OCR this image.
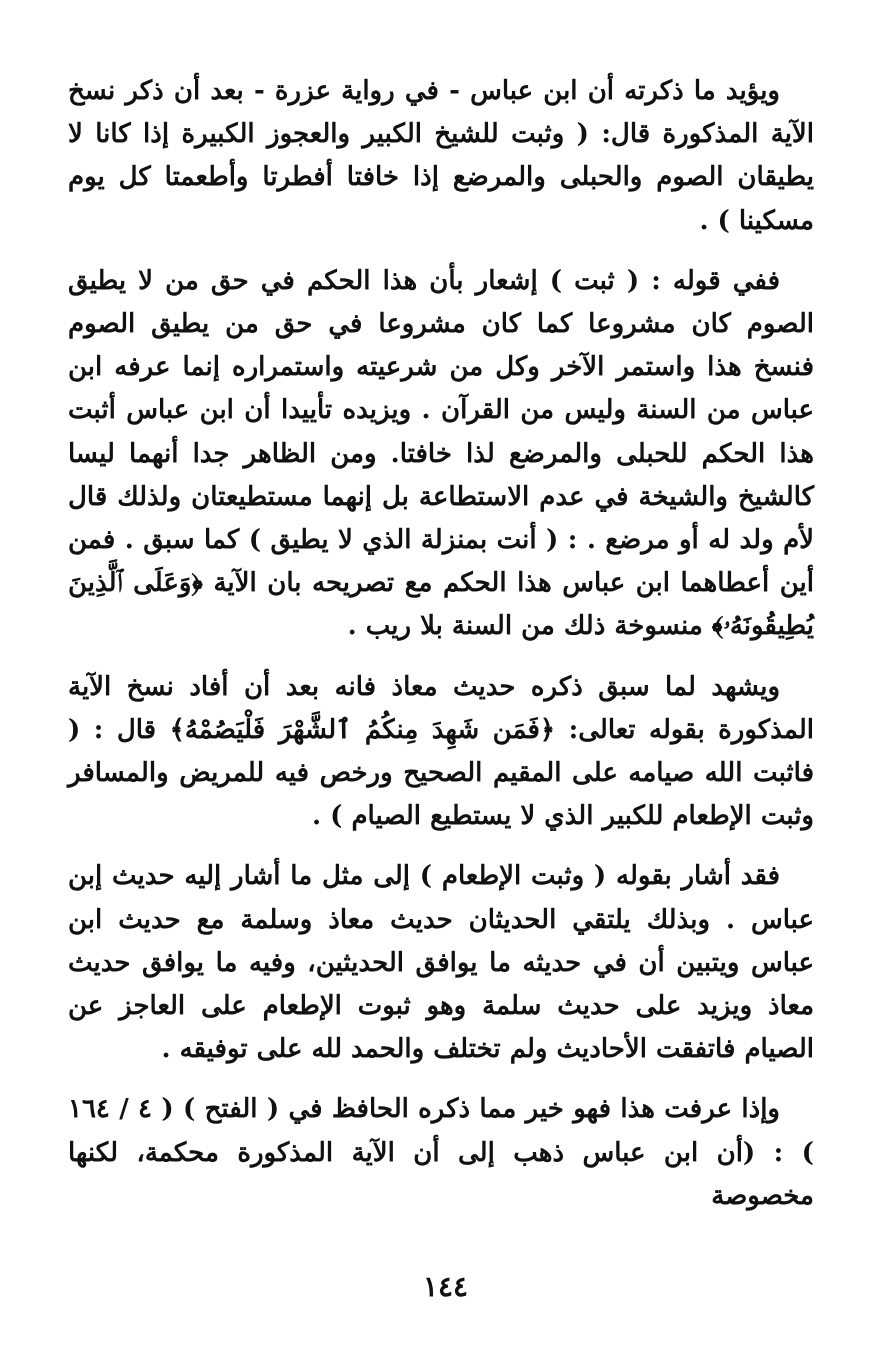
ويؤيد ما ذكرته أن ابن عباس - في رواية عزرة - بعد أن ذكر نسخ الآية المذكورة قال: ( وثبت للشيخ الكبير والعجوز الكبيرة إذا كانا لا يطيقان الصوم والحبلى والمرضع إذا خافتا أفطرتا وأطعمتا كل يوم مسكينا ) .

ففي قوله : ( ثبت ) إشعار بأن هذا الحكم في حق من لا يطيق الصوم كان مشروعا كما كان مشروعا في حق من يطيق الصوم فنسخ هذا واستمر الآخر وكل من شرعيته واستمراره إنما عرفه ابن عباس من السنة وليس من القرآن . ويزيده تأييدا أن ابن عباس أثبت هذا الحكم للحبلى والمرضع لذا خافتا. ومن الظاهر جدا أنهما ليسا كالشيخ والشيخة في عدم الاستطاعة بل إنهما مستطيعتان ولذلك قال لأم ولد له أو مرضع . : ( أنت بمنزلة الذي لا يطيق ) كما سبق . فمن أين أعطاهما ابن عباس هذا الحكم مع تصريحه بان الآية ﴿وَعَلَى ٱلَّذِينَ يُطِيقُونَهُۥ﴾ منسوخة ذلك من السنة بلا ريب .

ويشهد لما سبق ذكره حديث معاذ فانه بعد أن أفاد نسخ الآية المذكورة بقوله تعالى: ﴿فَمَن شَهِدَ مِنكُمُ ٱلشَّهْرَ فَلْيَصُمْهُ﴾ قال : ( فاثبت الله صيامه على المقيم الصحيح ورخص فيه للمريض والمسافر وثبت الإطعام للكبير الذي لا يستطيع الصيام ) .

فقد أشار بقوله ( وثبت الإطعام ) إلى مثل ما أشار إليه حديث إبن عباس . وبذلك يلتقي الحديثان حديث معاذ وسلمة مع حديث ابن عباس ويتبين أن في حديثه ما يوافق الحديثين، وفيه ما يوافق حديث معاذ ويزيد على حديث سلمة وهو ثبوت الإطعام على العاجز عن الصيام فاتفقت الأحاديث ولم تختلف والحمد لله على توفيقه .

وإذا عرفت هذا فهو خير مما ذكره الحافظ في ( الفتح ) ( ٤ / ١٦٤ ) : (أن ابن عباس ذهب إلى أن الآية المذكورة محكمة، لكنها مخصوصة

١٤٤
